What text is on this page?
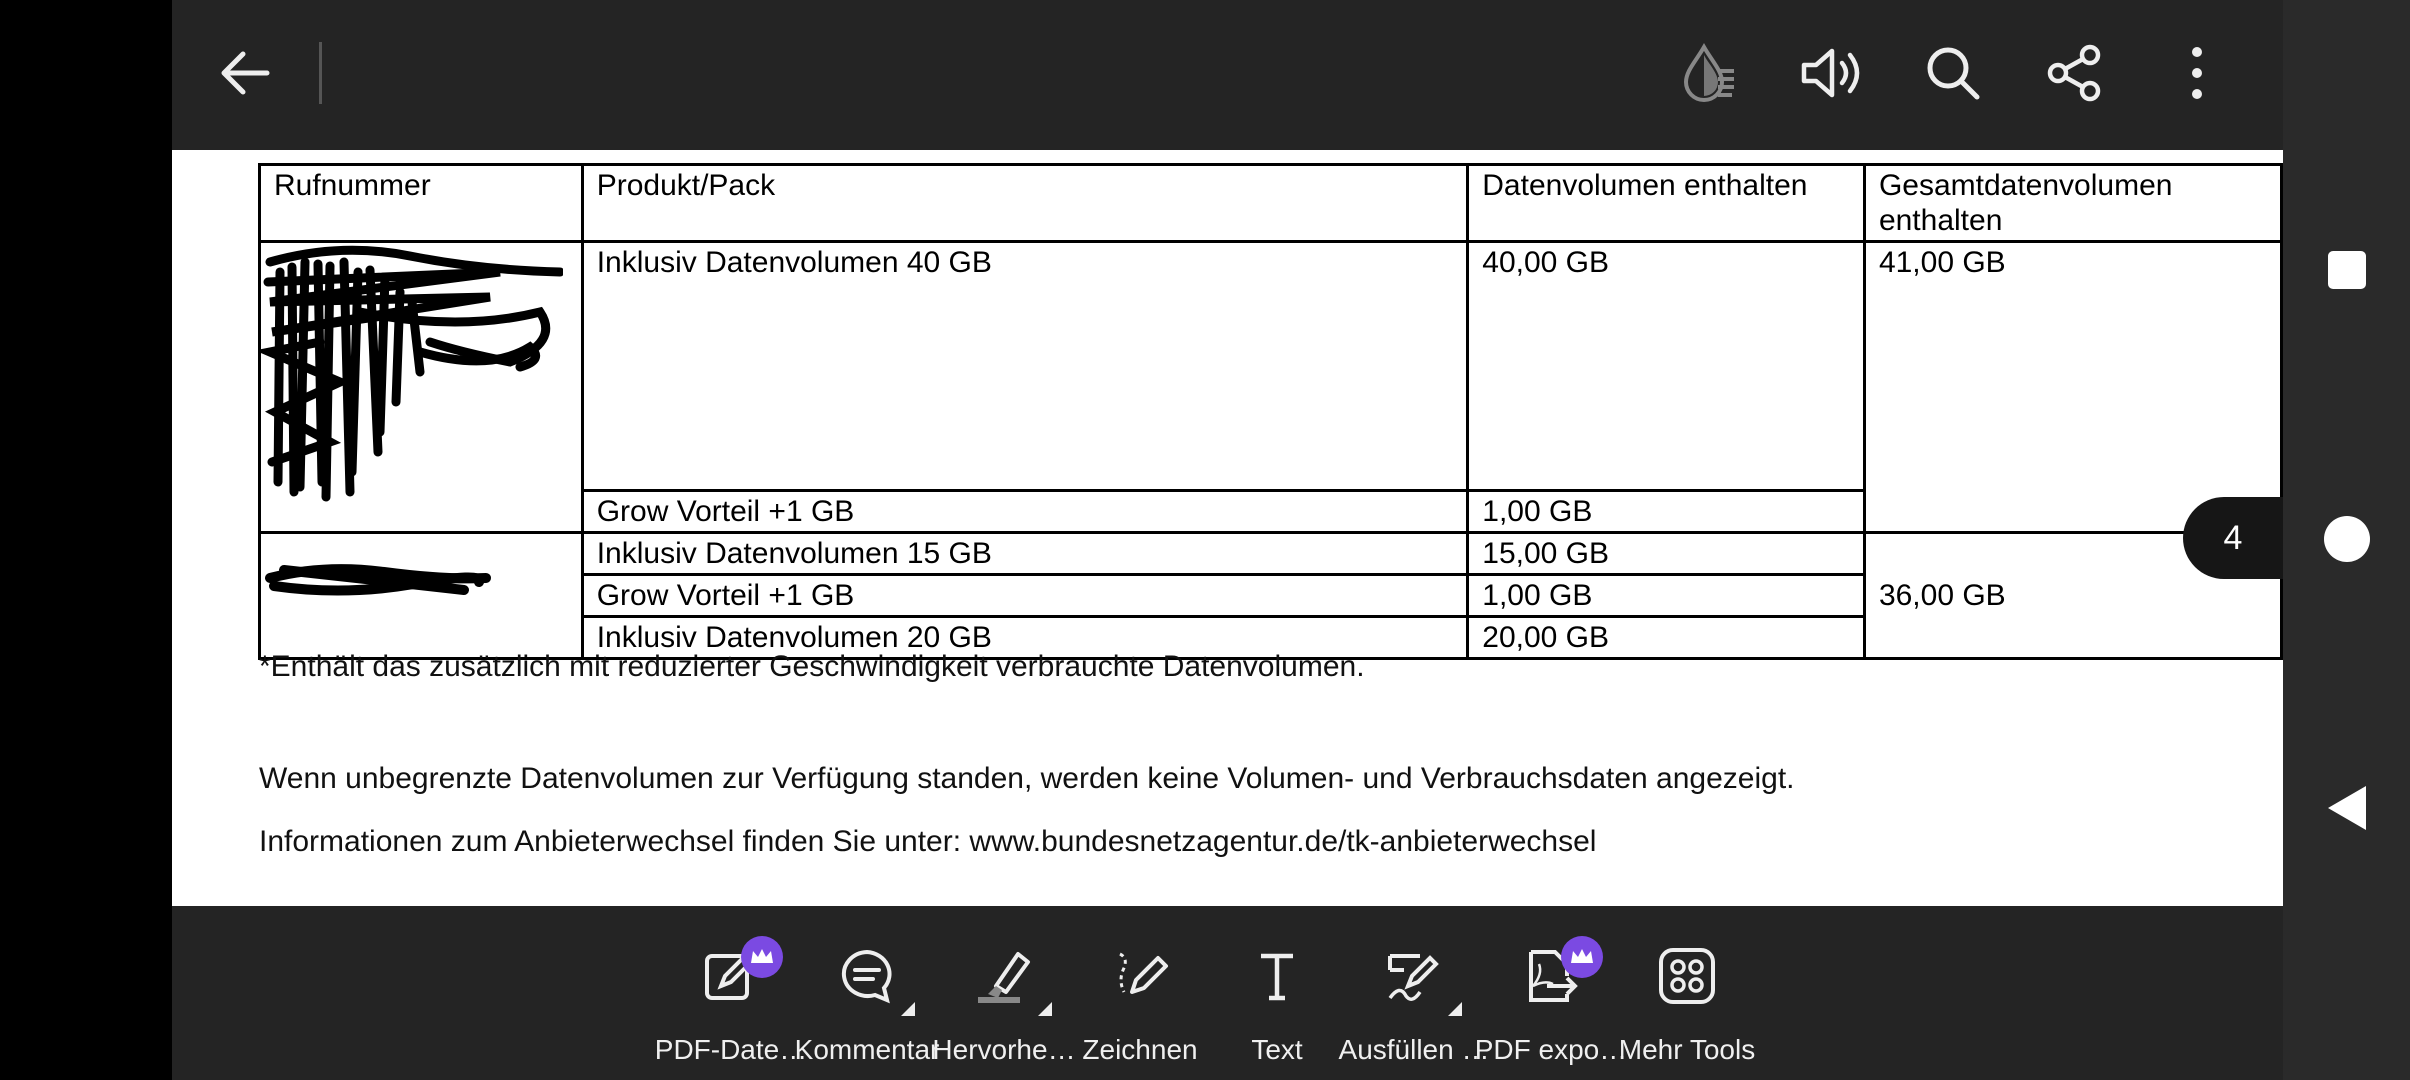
Rufnummer	Produkt/Pack	Datenvolumen enthalten	Gesamtdatenvolumen enthalten
	Inklusiv Datenvolumen 40 GB	40,00 GB	41,00 GB
	Grow Vorteil +1 GB	1,00 GB	
	Inklusiv Datenvolumen 15 GB	15,00 GB	36,00 GB
	Grow Vorteil +1 GB	1,00 GB	
	Inklusiv Datenvolumen 20 GB	20,00 GB	
*Enthält das zusätzlich mit reduzierter Geschwindigkeit verbrauchte Datenvolumen.
Wenn unbegrenzte Datenvolumen zur Verfügung standen, werden keine Volumen- und Verbrauchsdaten angezeigt.
Informationen zum Anbieterwechsel finden Sie unter: www.bundesnetzagentur.de/tk-anbieterwechsel
4
PDF-Date…
Kommentar
Hervorhe… Zeichnen	Text	Ausfüllen …
PDF expo…
Mehr Tools
